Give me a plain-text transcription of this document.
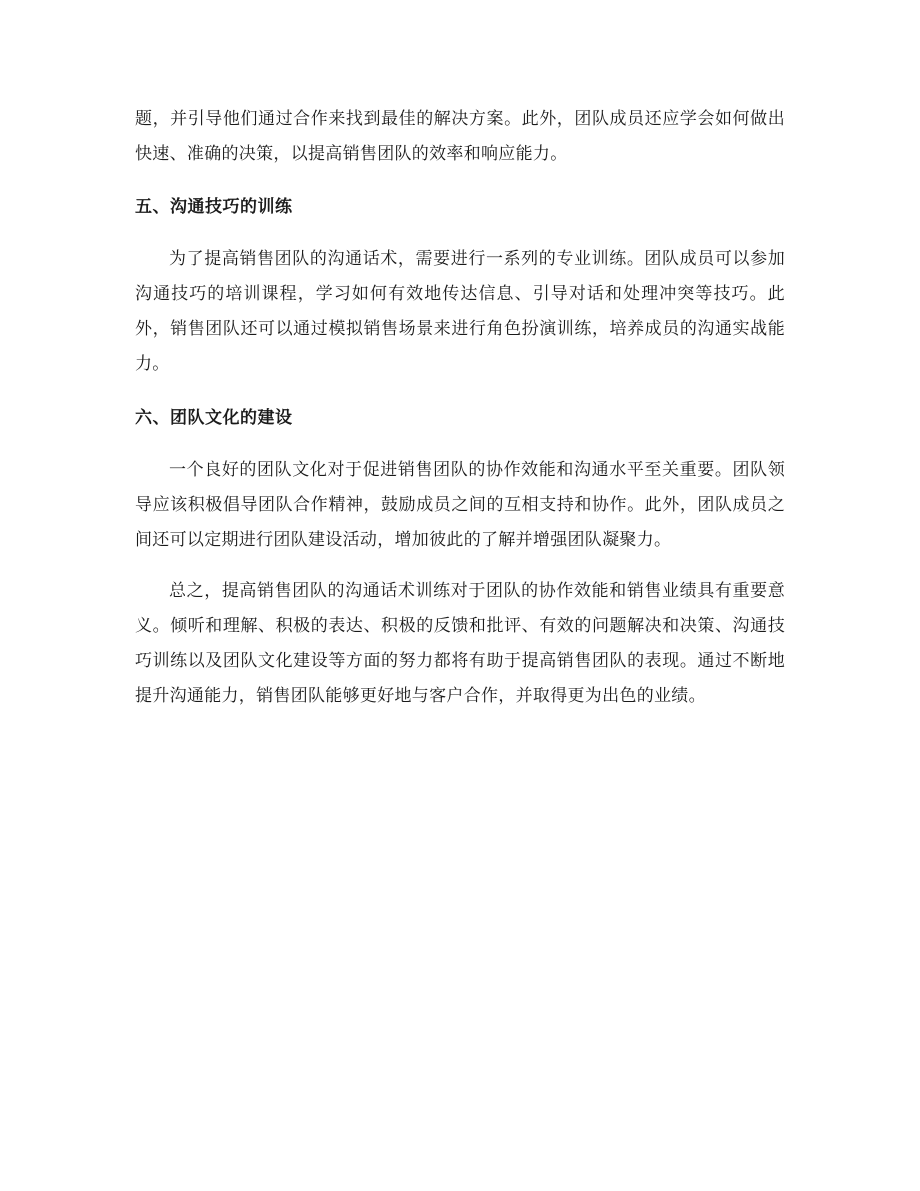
题，并引导他们通过合作来找到最佳的解决方案。此外，团队成员还应学会如何做出快速、准确的决策，以提高销售团队的效率和响应能力。

五、沟通技巧的训练

为了提高销售团队的沟通话术，需要进行一系列的专业训练。团队成员可以参加沟通技巧的培训课程，学习如何有效地传达信息、引导对话和处理冲突等技巧。此外，销售团队还可以通过模拟销售场景来进行角色扮演训练，培养成员的沟通实战能力。

六、团队文化的建设

一个良好的团队文化对于促进销售团队的协作效能和沟通水平至关重要。团队领导应该积极倡导团队合作精神，鼓励成员之间的互相支持和协作。此外，团队成员之间还可以定期进行团队建设活动，增加彼此的了解并增强团队凝聚力。

总之，提高销售团队的沟通话术训练对于团队的协作效能和销售业绩具有重要意义。倾听和理解、积极的表达、积极的反馈和批评、有效的问题解决和决策、沟通技巧训练以及团队文化建设等方面的努力都将有助于提高销售团队的表现。通过不断地提升沟通能力，销售团队能够更好地与客户合作，并取得更为出色的业绩。
